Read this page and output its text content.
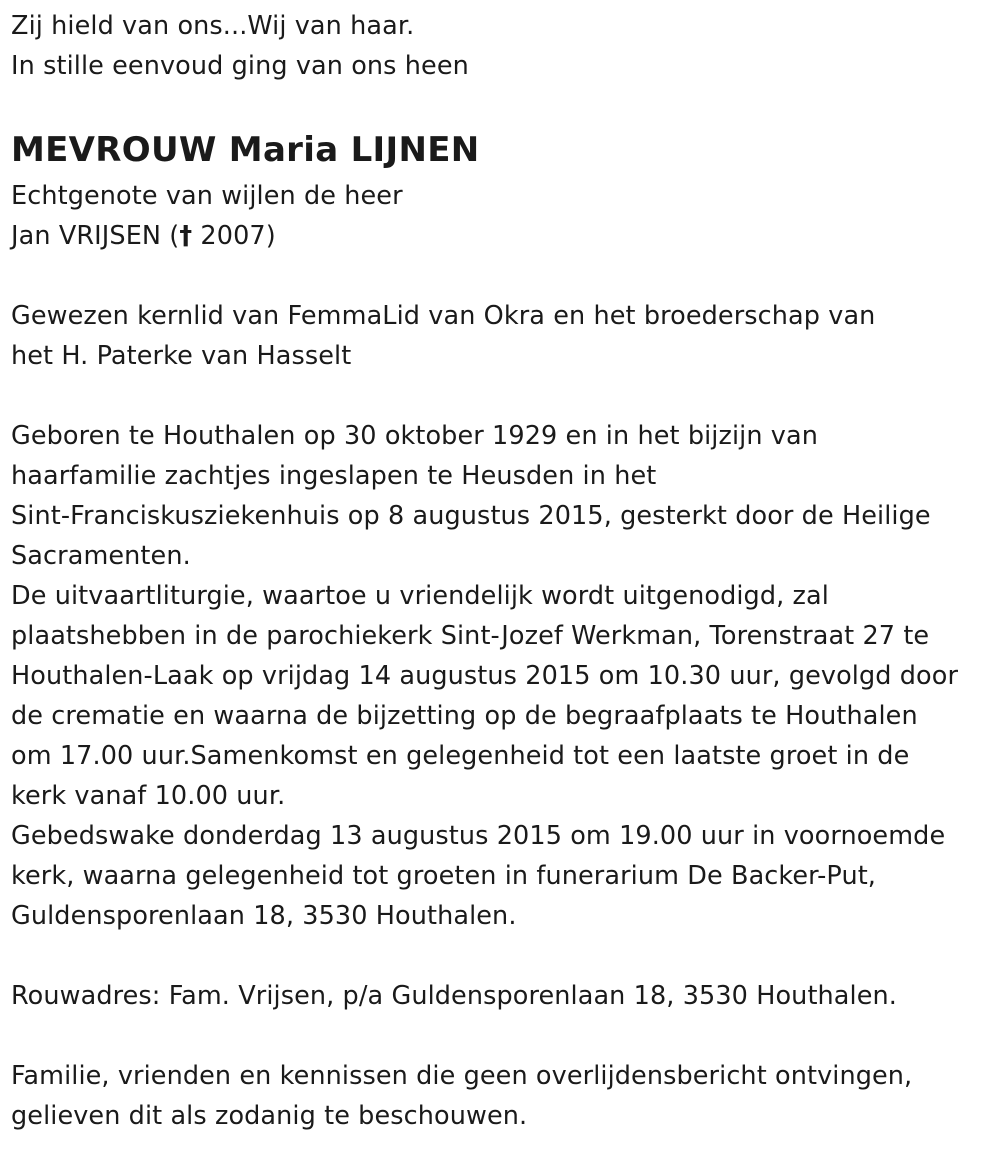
Zij hield van ons...Wij van haar.
In stille eenvoud ging van ons heen
MEVROUW Maria LIJNEN
Echtgenote van wijlen de heer
Jan VRIJSEN († 2007)
Gewezen kernlid van FemmaLid van Okra en het broederschap van
het H. Paterke van Hasselt
Geboren te Houthalen op 30 oktober 1929 en in het bijzijn van
haarfamilie zachtjes ingeslapen te Heusden in het
Sint-Franciskusziekenhuis op 8 augustus 2015, gesterkt door de Heilige
Sacramenten.
De uitvaartliturgie, waartoe u vriendelijk wordt uitgenodigd, zal
plaatshebben in de parochiekerk Sint-Jozef Werkman, Torenstraat 27 te
Houthalen-Laak op vrijdag 14 augustus 2015 om 10.30 uur, gevolgd door
de crematie en waarna de bijzetting op de begraafplaats te Houthalen
om 17.00 uur.Samenkomst en gelegenheid tot een laatste groet in de
kerk vanaf 10.00 uur.
Gebedswake donderdag 13 augustus 2015 om 19.00 uur in voornoemde
kerk, waarna gelegenheid tot groeten in funerarium De Backer-Put,
Guldensporenlaan 18, 3530 Houthalen.
Rouwadres: Fam. Vrijsen, p/a Guldensporenlaan 18, 3530 Houthalen.
Familie, vrienden en kennissen die geen overlijdensbericht ontvingen,
gelieven dit als zodanig te beschouwen.
